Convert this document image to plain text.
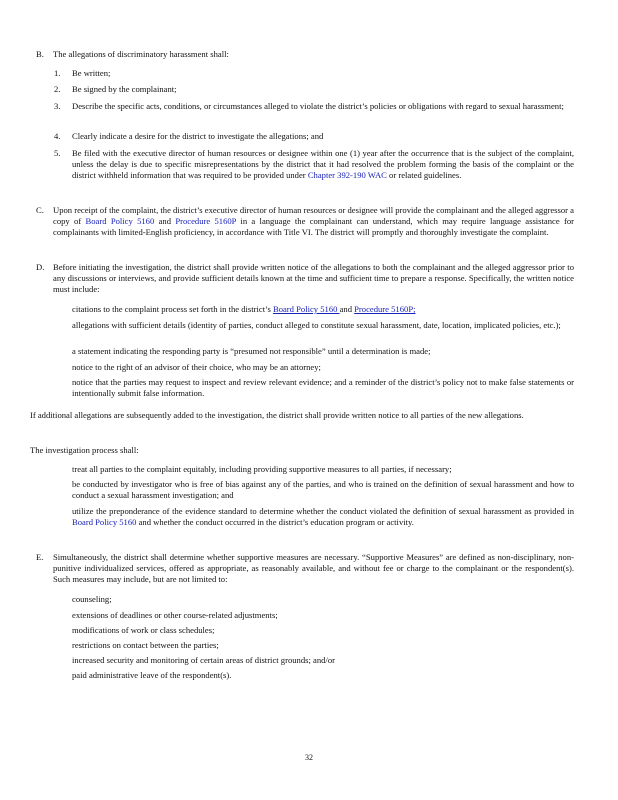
B. The allegations of discriminatory harassment shall:
1. Be written;
2. Be signed by the complainant;
3. Describe the specific acts, conditions, or circumstances alleged to violate the district’s policies or obligations with regard to sexual harassment;
4. Clearly indicate a desire for the district to investigate the allegations; and
5. Be filed with the executive director of human resources or designee within one (1) year after the occurrence that is the subject of the complaint, unless the delay is due to specific misrepresentations by the district that it had resolved the problem forming the basis of the complaint or the district withheld information that was required to be provided under Chapter 392-190 WAC or related guidelines.
C. Upon receipt of the complaint, the district’s executive director of human resources or designee will provide the complainant and the alleged aggressor a copy of Board Policy 5160 and Procedure 5160P in a language the complainant can understand, which may require language assistance for complainants with limited-English proficiency, in accordance with Title VI. The district will promptly and thoroughly investigate the complaint.
D. Before initiating the investigation, the district shall provide written notice of the allegations to both the complainant and the alleged aggressor prior to any discussions or interviews, and provide sufficient details known at the time and sufficient time to prepare a response. Specifically, the written notice must include:
citations to the complaint process set forth in the district’s Board Policy 5160 and Procedure 5160P;
allegations with sufficient details (identity of parties, conduct alleged to constitute sexual harassment, date, location, implicated policies, etc.);
a statement indicating the responding party is “presumed not responsible” until a determination is made;
notice to the right of an advisor of their choice, who may be an attorney;
notice that the parties may request to inspect and review relevant evidence; and a reminder of the district’s policy not to make false statements or intentionally submit false information.
If additional allegations are subsequently added to the investigation, the district shall provide written notice to all parties of the new allegations.
The investigation process shall:
treat all parties to the complaint equitably, including providing supportive measures to all parties, if necessary;
be conducted by investigator who is free of bias against any of the parties, and who is trained on the definition of sexual harassment and how to conduct a sexual harassment investigation; and
utilize the preponderance of the evidence standard to determine whether the conduct violated the definition of sexual harassment as provided in Board Policy 5160 and whether the conduct occurred in the district’s education program or activity.
E. Simultaneously, the district shall determine whether supportive measures are necessary. “Supportive Measures” are defined as non-disciplinary, non-punitive individualized services, offered as appropriate, as reasonably available, and without fee or charge to the complainant or the respondent(s). Such measures may include, but are not limited to:
counseling;
extensions of deadlines or other course-related adjustments;
modifications of work or class schedules;
restrictions on contact between the parties;
increased security and monitoring of certain areas of district grounds; and/or
paid administrative leave of the respondent(s).
32
